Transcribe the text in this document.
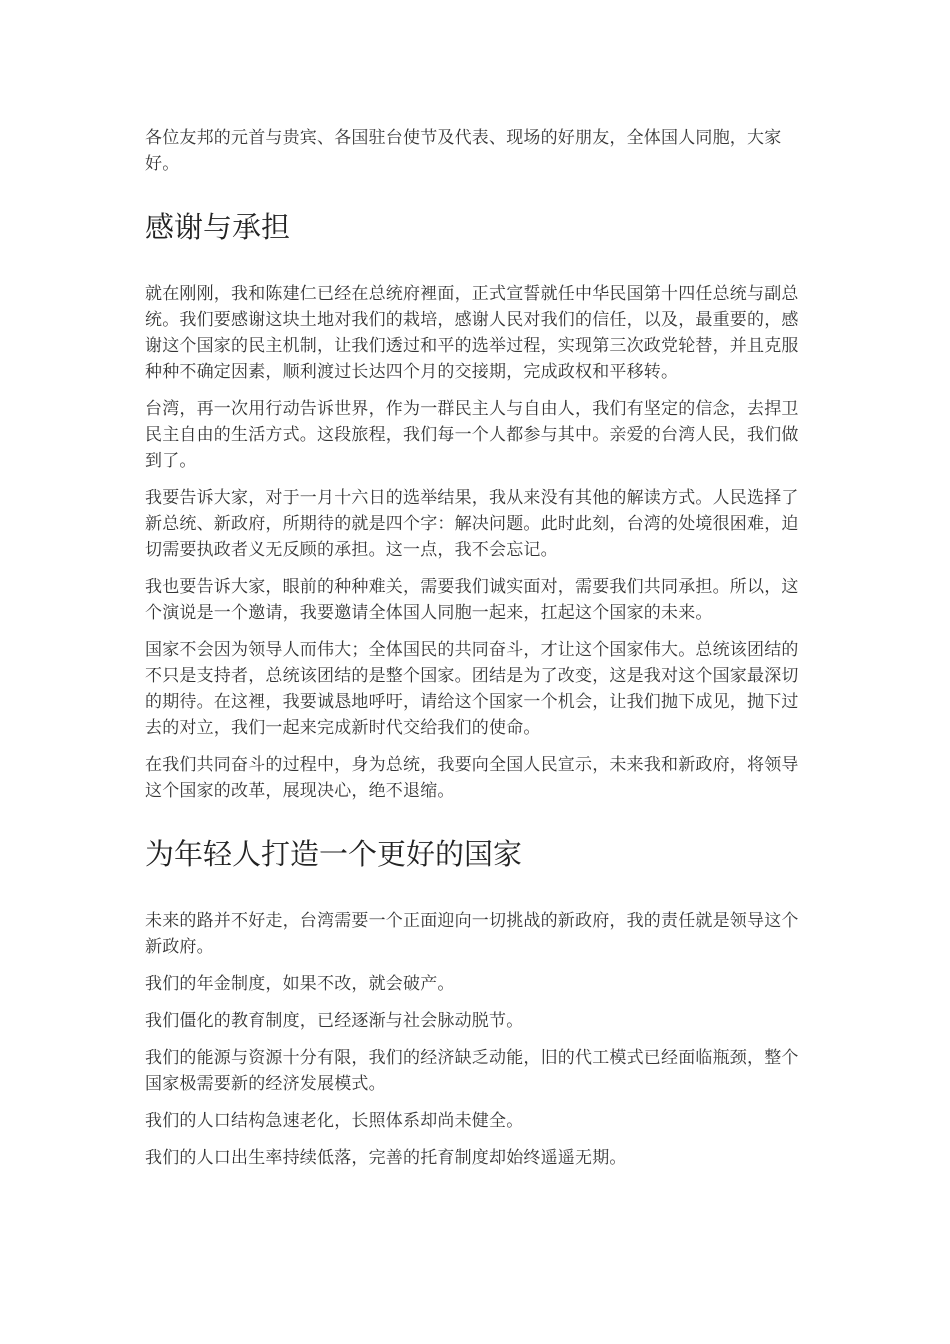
各位友邦的元首与贵宾、各国驻台使节及代表、现场的好朋友，全体国人同胞，大家好。

感谢与承担

就在刚刚，我和陈建仁已经在总统府裡面，正式宣誓就任中华民国第十四任总统与副总统。我们要感谢这块土地对我们的栽培，感谢人民对我们的信任，以及，最重要的，感谢这个国家的民主机制，让我们透过和平的选举过程，实现第三次政党轮替，并且克服种种不确定因素，顺利渡过长达四个月的交接期，完成政权和平移转。

台湾，再一次用行动告诉世界，作为一群民主人与自由人，我们有坚定的信念，去捍卫民主自由的生活方式。这段旅程，我们每一个人都参与其中。亲爱的台湾人民，我们做到了。

我要告诉大家，对于一月十六日的选举结果，我从来没有其他的解读方式。人民选择了新总统、新政府，所期待的就是四个字：解决问题。此时此刻，台湾的处境很困难，迫切需要执政者义无反顾的承担。这一点，我不会忘记。

我也要告诉大家，眼前的种种难关，需要我们诚实面对，需要我们共同承担。所以，这个演说是一个邀请，我要邀请全体国人同胞一起来，扛起这个国家的未来。

国家不会因为领导人而伟大；全体国民的共同奋斗，才让这个国家伟大。总统该团结的不只是支持者，总统该团结的是整个国家。团结是为了改变，这是我对这个国家最深切的期待。在这裡，我要诚恳地呼吁，请给这个国家一个机会，让我们抛下成见，抛下过去的对立，我们一起来完成新时代交给我们的使命。

在我们共同奋斗的过程中，身为总统，我要向全国人民宣示，未来我和新政府，将领导这个国家的改革，展现决心，绝不退缩。

为年轻人打造一个更好的国家

未来的路并不好走，台湾需要一个正面迎向一切挑战的新政府，我的责任就是领导这个新政府。

我们的年金制度，如果不改，就会破产。

我们僵化的教育制度，已经逐渐与社会脉动脱节。

我们的能源与资源十分有限，我们的经济缺乏动能，旧的代工模式已经面临瓶颈，整个国家极需要新的经济发展模式。

我们的人口结构急速老化，长照体系却尚未健全。

我们的人口出生率持续低落，完善的托育制度却始终遥遥无期。
